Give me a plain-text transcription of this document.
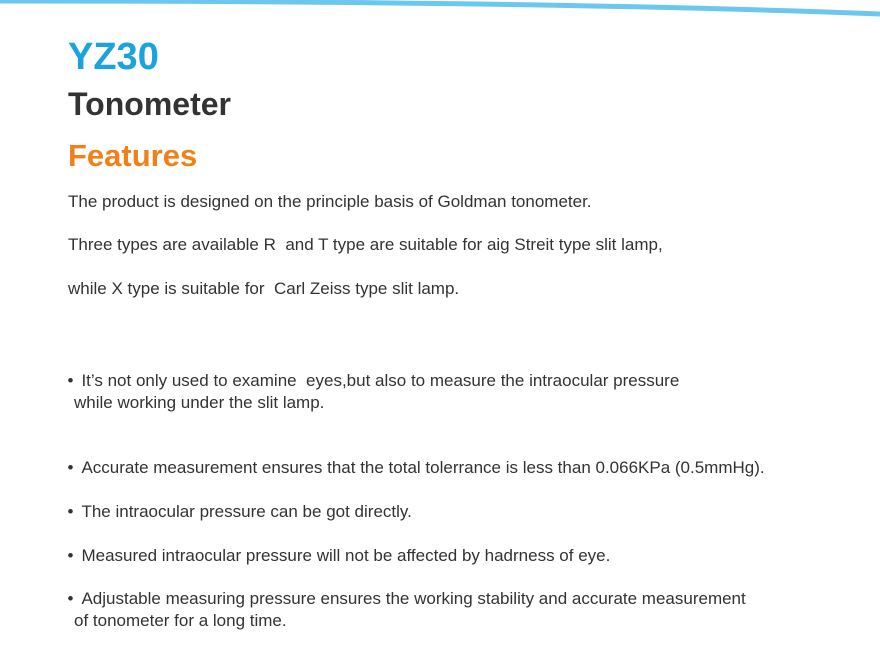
YZ30
Tonometer
Features
The product is designed on the principle basis of Goldman tonometer.
Three types are available R  and T type are suitable for aig Streit type slit lamp,
while X type is suitable for  Carl Zeiss type slit lamp.

• It’s not only used to examine  eyes,but also to measure the intraocular pressure

while working under the slit lamp.

• Accurate measurement ensures that the total tolerrance is less than 0.066KPa (0.5mmHg).

• The intraocular pressure can be got directly.

• Measured intraocular pressure will not be affected by hadrness of eye.

• Adjustable measuring pressure ensures the working stability and accurate measurement

of tonometer for a long time.
